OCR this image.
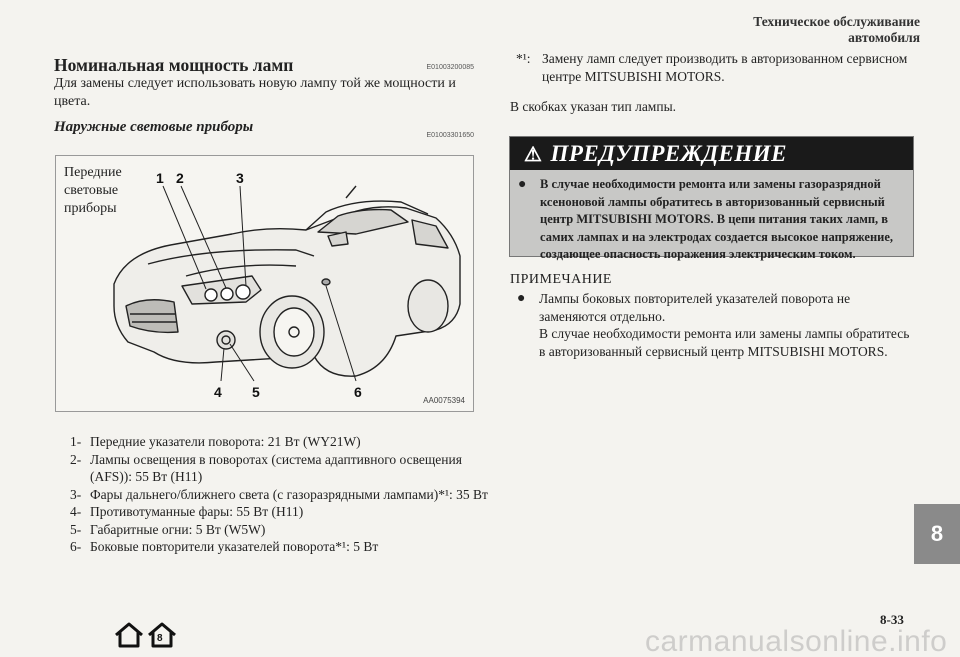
Техническое обслуживание автомобиля
Номинальная мощность ламп	E01003200085
Для замены следует использовать новую лампу той же мощности и цвета.
Наружные световые приборы
E01003301650
Передние световые приборы
1 2	3
4 5	6
AA0075394
1- Передние указатели поворота: 21 Вт (WY21W)
2- Лампы освещения в поворотах (система адаптивного освещения (AFS)): 55 Вт (H11)
3- Фары дальнего/ближнего света (с газоразрядными лампами)*¹: 35 Вт
4- Противотуманные фары: 55 Вт (H11)
5- Габаритные огни: 5 Вт (W5W)
6- Боковые повторители указателей поворота*¹: 5 Вт
*¹: Замену ламп следует производить в авторизованном сервисном центре MITSUBISHI MOTORS.
В скобках указан тип лампы.
⚠ ПРЕДУПРЕЖДЕНИЕ
●	В случае необходимости ремонта или замены газоразрядной ксеноновой лампы обратитесь в авторизованный сервисный центр MITSUBISHI MOTORS. В цепи питания таких ламп, в самих лампах и на электродах создается высокое напряжение, создающее опасность поражения электрическим током.
ПРИМЕЧАНИЕ
●	Лампы боковых повторителей указателей поворота не заменяются отдельно.
В случае необходимости ремонта или замены лампы обратитесь в авторизованный сервисный центр MITSUBISHI MOTORS.
8
8-33
8	carmanualsonline.info
